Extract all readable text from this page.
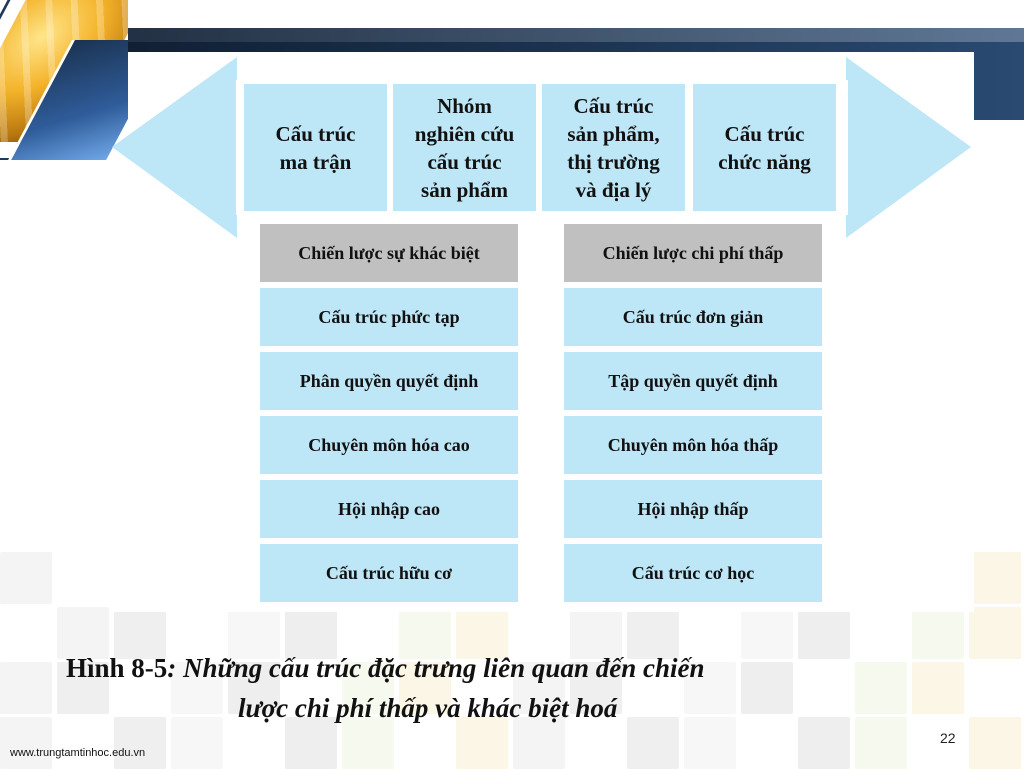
Cấu trúc
ma trận
Nhóm
nghiên cứu
cấu trúc
sản phẩm
Cấu trúc
sản phẩm,
thị trường
và địa lý
Cấu trúc
chức năng
Chiến lược sự khác biệt
Cấu trúc phức tạp
Phân quyền quyết định
Chuyên môn hóa cao
Hội nhập cao
Cấu trúc hữu cơ
Chiến lược chi phí thấp
Cấu trúc đơn giản
Tập quyền quyết định
Chuyên môn hóa thấp
Hội nhập thấp
Cấu trúc cơ học
Hình 8-5: Những cấu trúc đặc trưng liên quan đến chiến
lược chi phí thấp và khác biệt hoá
22
www.trungtamtinhoc.edu.vn
